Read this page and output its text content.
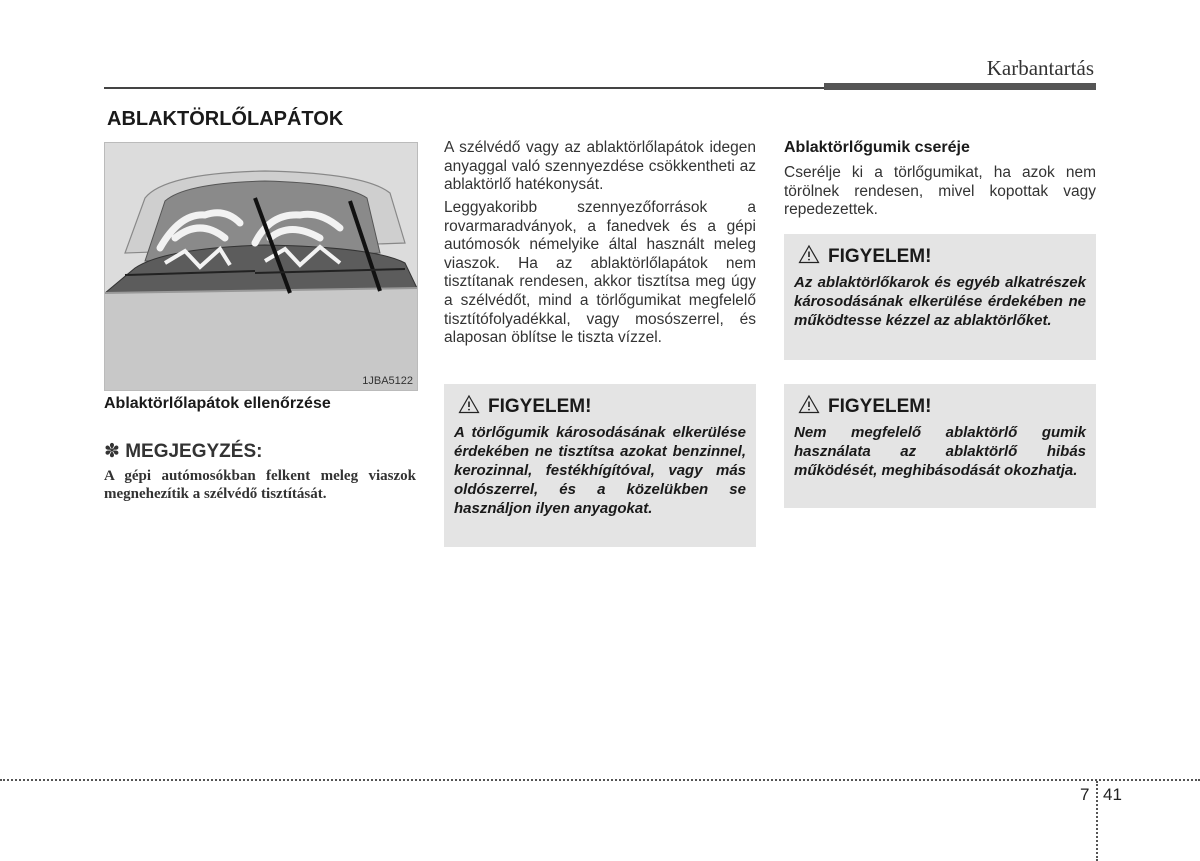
Karbantartás
ABLAKTÖRLŐLAPÁTOK
1JBA5122
Ablaktörlőlapátok ellenőrzése
✽ MEGJEGYZÉS:
A gépi autómosókban felkent meleg viaszok megnehezítik a szélvédő tisztítását.
A szélvédő vagy az ablaktörlőlapátok idegen anyaggal való szennyezdése csökkentheti az ablaktörlő hatékonysát.
Leggyakoribb szennyezőforrások a rovarmaradványok, a fanedvek és a gépi autómosók némelyike által használt meleg viaszok. Ha az ablaktörlőlapátok nem tisztítanak rendesen, akkor tisztítsa meg úgy a szélvédőt, mind a törlőgumikat megfelelő tisztítófolyadékkal, vagy mosószerrel, és alaposan öblítse le tiszta vízzel.
FIGYELEM!
A törlőgumik károsodásának elkerülése érdekében ne tisztítsa azokat benzinnel, kerozinnal, festékhígítóval, vagy más oldószerrel, és a közelükben se használjon ilyen anyagokat.
Ablaktörlőgumik cseréje
Cserélje ki a törlőgumikat, ha azok nem törölnek rendesen, mivel kopottak vagy repedezettek.
FIGYELEM!
Az ablaktörlőkarok és egyéb alkatrészek károsodásának elkerülése érdekében ne működtesse kézzel az ablaktörlőket.
FIGYELEM!
Nem megfelelő ablaktörlő gumik használata az ablaktörlő hibás működését, meghibásodását okozhatja.
7 41
